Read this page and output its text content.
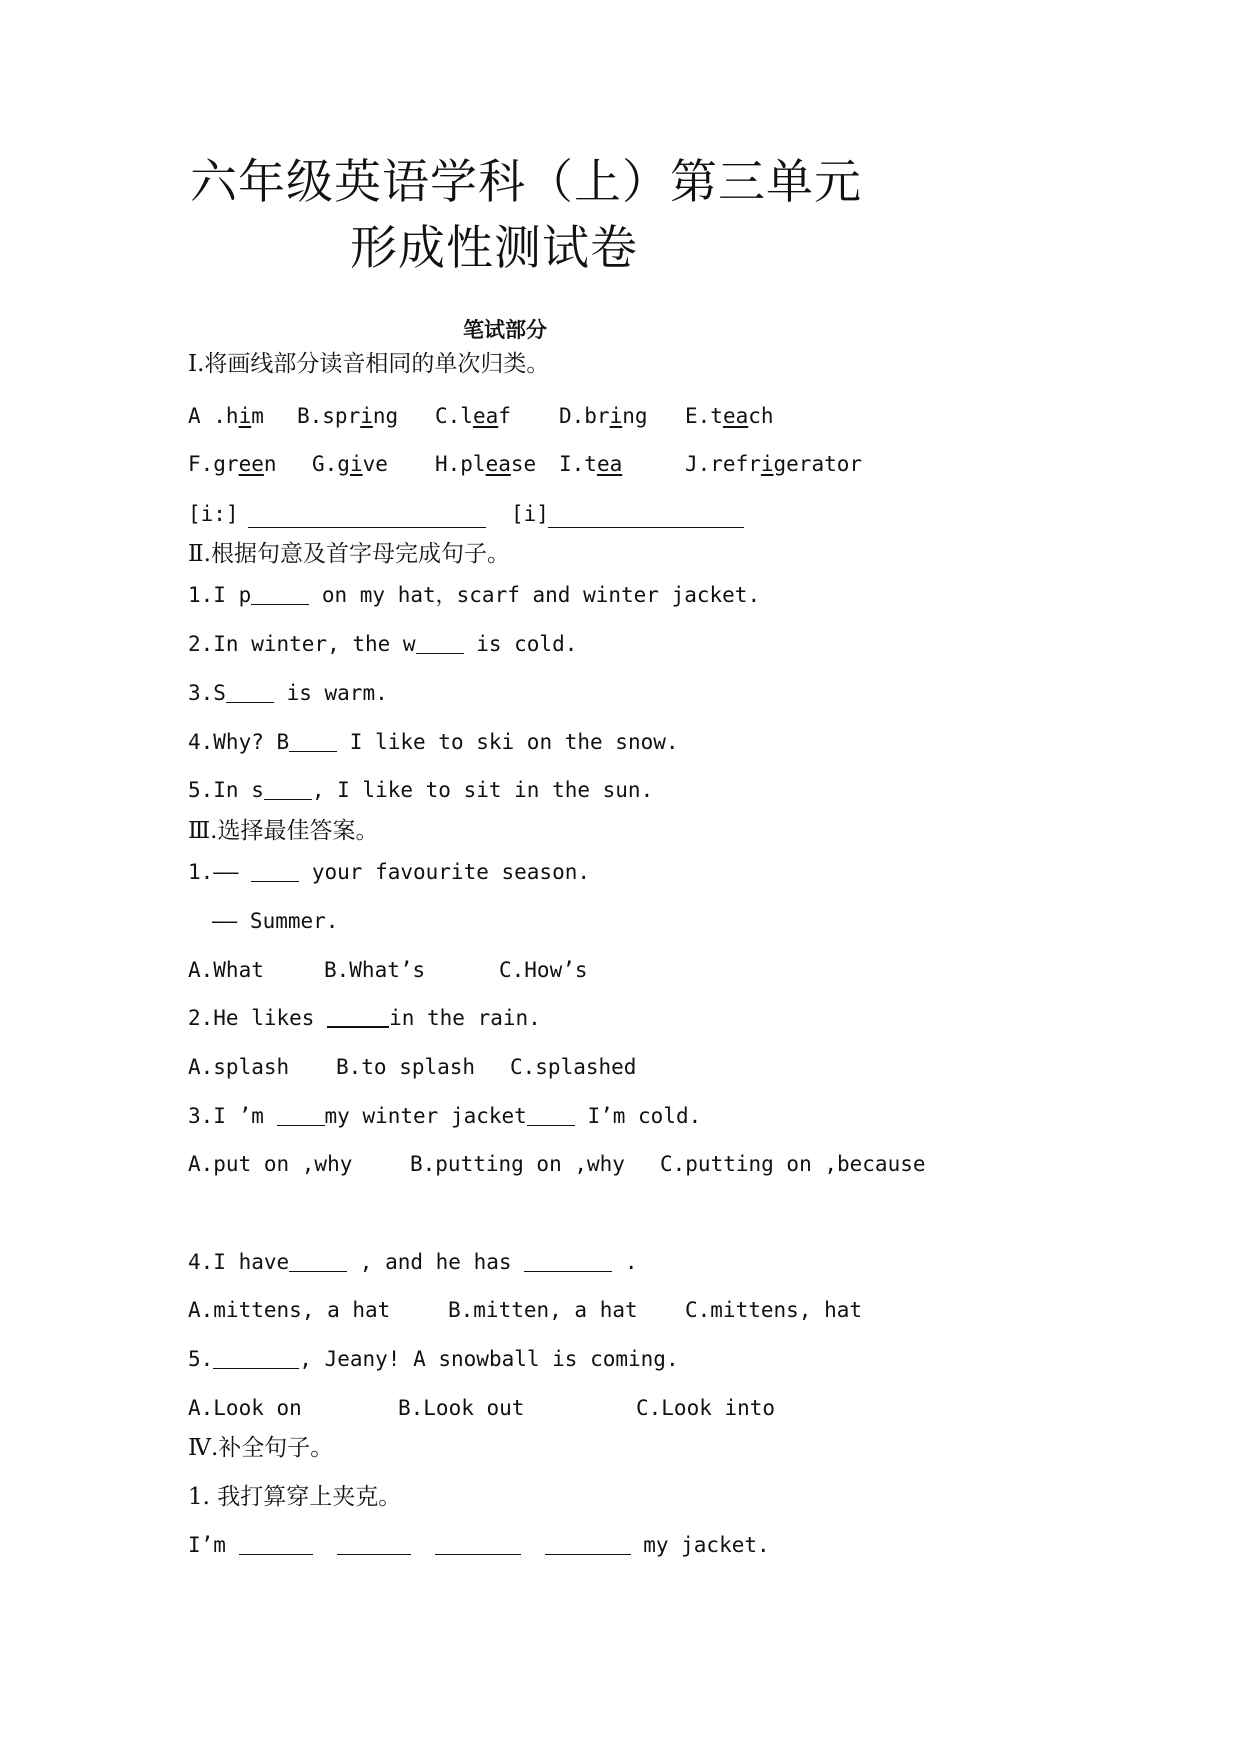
六年级英语学科（上）第三单元
形成性测试卷
笔试部分
Ⅰ.将画线部分读音相同的单次归类。

A .him

B.spring

C.leaf

D.bring

E.teach

F.green

G.give

H.please

I.tea

	J.refrigerator

[i:]

	[i]

Ⅱ.根据句意及首字母完成句子。
1.I p	on my hat，scarf and winter jacket.
2.In winter, the w is cold.
3.S is warm.
4.Why? B I like to ski on the snow.
5.In s , I like to sit in the sun.
Ⅲ.选择最佳答案。
1.——  your favourite season.
—— Summer.

A.What

	B.What’s

	C.How’s

2.He likes	in the rain.

A.splash

B.to splash

C.splashed

3.I ’m my winter jacket I’m cold.

A.put on ,why

	B.putting on ,why

C.putting on ,because

4.I have	, and he has	.

A.mittens, a hat

	B.mitten, a hat

C.mittens, hat

5.	, Jeany! A snowball is coming.

A.Look on

	B.Look out

	C.Look into

Ⅳ.补全句子。
1. 我打算穿上夹克。
I’m	my jacket.
